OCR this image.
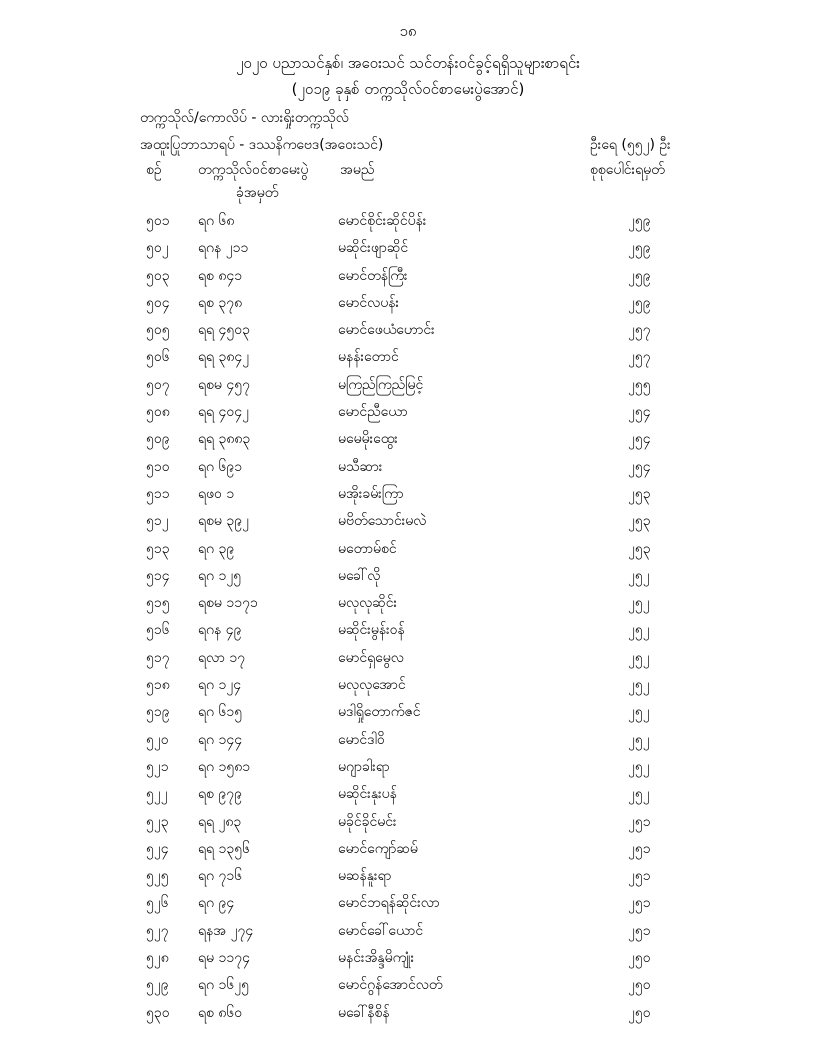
၁၈
၂၀၂၀ ပညာသင်နှစ်၊ အဝေးသင် သင်တန်းဝင်ခွင့်ရရှိသူများစာရင်း
(၂၀၁၉ ခုနှစ် တက္ကသိုလ်ဝင်စာမေးပွဲအောင်)
တက္ကသိုလ်/ကောလိပ် - လားရှိုးတက္ကသိုလ်
အထူးပြုဘာသာရပ် - ဒဿနိကဗေဒ(အဝေးသင်)	ဦးရေ (၅၅၂) ဦး
စဉ်	တက္ကသိုလ်ဝင်စာမေးပွဲ
ခုံအမှတ်
အမည်	စုစုပေါင်းရမှတ်
၅၀၁ ရဂ ၆၈	မောင်စိုင်းဆိုင်ပိန်း	၂၅၉
၅၀၂ ရဂန ၂၁၁	မဆိုင်းဖျာဆိုင်	၂၅၉
၅၀၃ ရစ ၈၄၁	မောင်တန်ကြီး	၂၅၉
၅၀၄ ရစ ၃၇၈	မောင်လပန်း	၂၅၉
၅၀၅ ရရ ၄၅၀၃	မောင်ဖေယံဟောင်း	၂၅၇
၅၀၆ ရရ ၃၈၄၂	မနန်းတောင်	၂၅၇
၅၀၇ ရစမ ၄၅၇	မကြည်ကြည်မြင့်	၂၅၅
၅၀၈ ရရ ၄၀၄၂	မောင်ညီယော	၂၅၄
၅၀၉ ရရ ၃၈၈၃	မမေမိုးထွေး	၂၅၄
၅၁၀ ရဂ ၆၉၁	မသီဆား	၂၅၄
၅၁၁ ရဖဝ ၁	မအိုးခမ်းကြာ	၂၅၃
၅၁၂ ရစမ ၃၉၂	မဗိတ်သောင်းမလဲ	၂၅၃
၅၁၃ ရဂ ၃၉	မတောမ်စင်	၂၅၃
၅၁၄ ရဂ ၁၂၅	မခေါ်လို	၂၅၂
၅၁၅ ရစမ ၁၁၇၁	မလုလုဆိုင်း	၂၅၂
၅၁၆ ရဂန ၄၉	မဆိုင်းမွန်းဝန်	၂၅၂
၅၁၇ ရလာ ၁၇	မောင်ရှမွေလ	၂၅၂
၅၁၈ ရဂ ၁၂၄	မလုလုအောင်	၂၅၂
၅၁၉ ရဂ ၆၁၅	မဒါရှိုတောက်ဇင်	၂၅၂
၅၂၀ ရဂ ၁၄၄	မောင်ဒါဝိ	၂၅၂
၅၂၁ ရဂ ၁၅၈၁	မဂျာခါးရာ	၂၅၂
၅၂၂ ရစ ၉၇၉	မဆိုင်းနုးပန်	၂၅၂
၅၂၃ ရရ ၂၈၃	မခိုင်ခိုင်မင်း	၂၅၁
၅၂၄ ရရ ၁၃၅၆	မောင်ကျော်ဆမ်	၂၅၁
၅၂၅ ရဂ ၇၁၆	မဆန်နူးရာ	၂၅၁
၅၂၆ ရဂ ၉၄	မောင်ဘရန်ဆိုင်းလာ	၂၅၁
၅၂၇ ရနအ ၂၇၄	မောင်ခေါ်ယောင်	၂၅၁
၅၂၈ ရမ ၁၁၇၄	မနင်းအိန္ဒမိကျုံး	၂၅၀
၅၂၉ ရဂ ၁၆၂၅	မောင်ဂွန်အောင်လတ်	၂၅၀
၅၃၀ ရစ ၈၆၀	မခေါ်နီစိန်	၂၅၀
